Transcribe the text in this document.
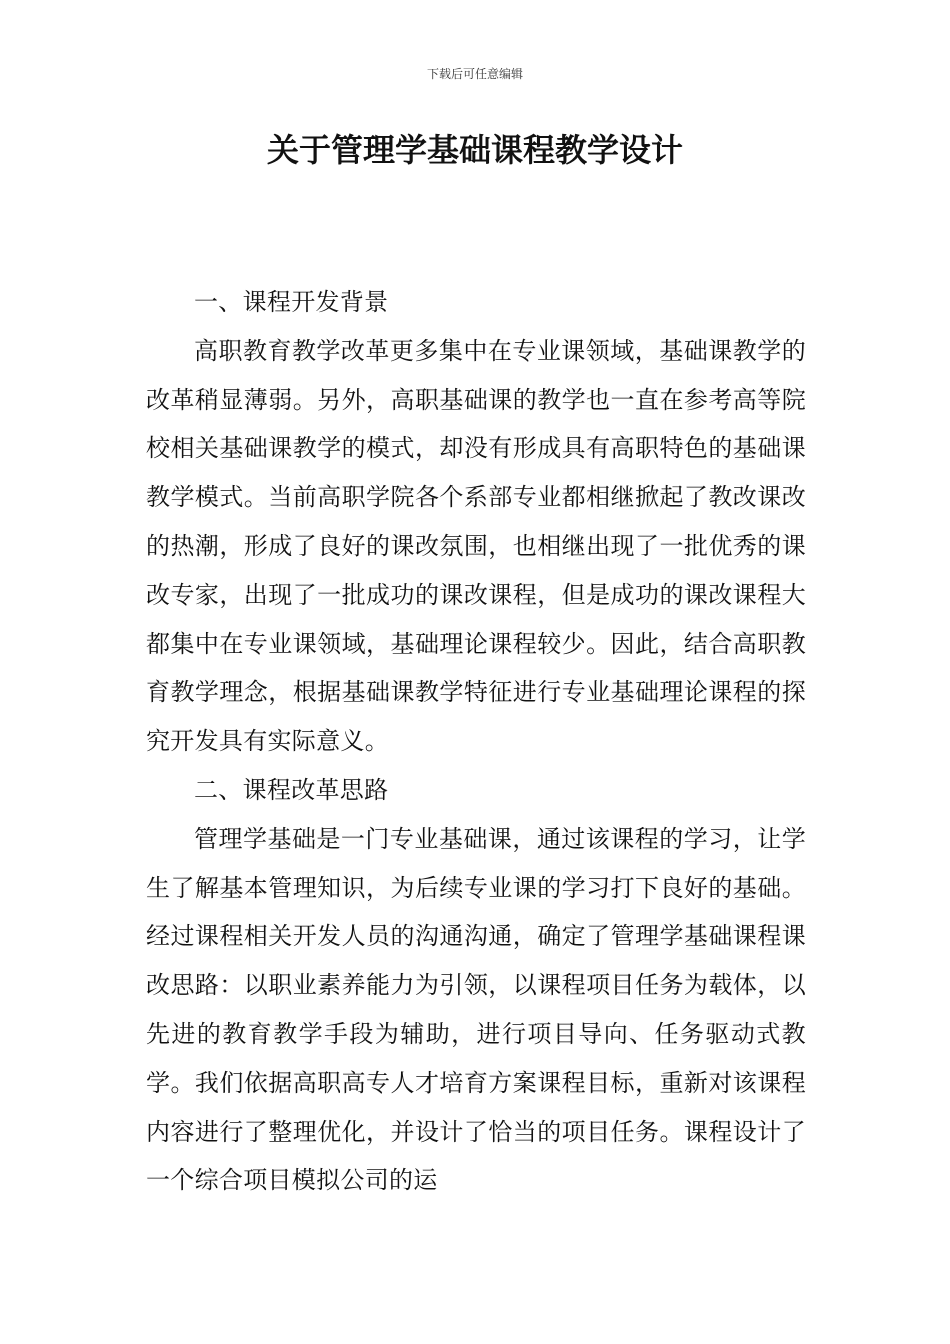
下载后可任意编辑
关于管理学基础课程教学设计

一、课程开发背景

高职教育教学改革更多集中在专业课领域，基础课教学的改革稍显薄弱。另外，高职基础课的教学也一直在参考高等院校相关基础课教学的模式，却没有形成具有高职特色的基础课教学模式。当前高职学院各个系部专业都相继掀起了教改课改的热潮，形成了良好的课改氛围，也相继出现了一批优秀的课改专家，出现了一批成功的课改课程，但是成功的课改课程大都集中在专业课领域，基础理论课程较少。因此，结合高职教育教学理念，根据基础课教学特征进行专业基础理论课程的探究开发具有实际意义。

二、课程改革思路

管理学基础是一门专业基础课，通过该课程的学习，让学生了解基本管理知识，为后续专业课的学习打下良好的基础。经过课程相关开发人员的沟通沟通，确定了管理学基础课程课改思路：以职业素养能力为引领，以课程项目任务为载体，以先进的教育教学手段为辅助，进行项目导向、任务驱动式教学。我们依据高职高专人才培育方案课程目标，重新对该课程内容进行了整理优化，并设计了恰当的项目任务。课程设计了一个综合项目模拟公司的运
